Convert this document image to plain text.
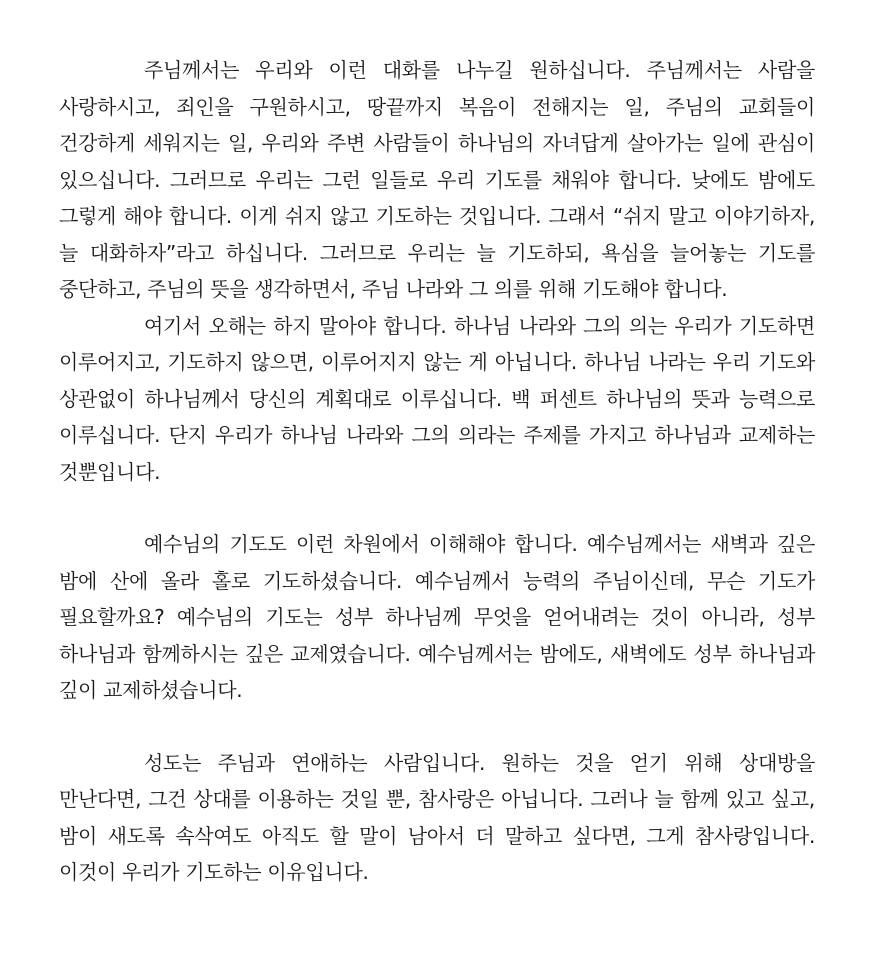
주님께서는 우리와 이런 대화를 나누길 원하십니다. 주님께서는 사람을 사랑하시고, 죄인을 구원하시고, 땅끝까지 복음이 전해지는 일, 주님의 교회들이 건강하게 세워지는 일, 우리와 주변 사람들이 하나님의 자녀답게 살아가는 일에 관심이 있으십니다. 그러므로 우리는 그런 일들로 우리 기도를 채워야 합니다. 낮에도 밤에도 그렇게 해야 합니다. 이게 쉬지 않고 기도하는 것입니다. 그래서 “쉬지 말고 이야기하자, 늘 대화하자”라고 하십니다. 그러므로 우리는 늘 기도하되, 욕심을 늘어놓는 기도를 중단하고, 주님의 뜻을 생각하면서, 주님 나라와 그 의를 위해 기도해야 합니다.

여기서 오해는 하지 말아야 합니다. 하나님 나라와 그의 의는 우리가 기도하면 이루어지고, 기도하지 않으면, 이루어지지 않는 게 아닙니다. 하나님 나라는 우리 기도와 상관없이 하나님께서 당신의 계획대로 이루십니다. 백 퍼센트 하나님의 뜻과 능력으로 이루십니다. 단지 우리가 하나님 나라와 그의 의라는 주제를 가지고 하나님과 교제하는 것뿐입니다.

예수님의 기도도 이런 차원에서 이해해야 합니다. 예수님께서는 새벽과 깊은 밤에 산에 올라 홀로 기도하셨습니다. 예수님께서 능력의 주님이신데, 무슨 기도가 필요할까요? 예수님의 기도는 성부 하나님께 무엇을 얻어내려는 것이 아니라, 성부 하나님과 함께하시는 깊은 교제였습니다. 예수님께서는 밤에도, 새벽에도 성부 하나님과 깊이 교제하셨습니다.

성도는 주님과 연애하는 사람입니다. 원하는 것을 얻기 위해 상대방을 만난다면, 그건 상대를 이용하는 것일 뿐, 참사랑은 아닙니다. 그러나 늘 함께 있고 싶고, 밤이 새도록 속삭여도 아직도 할 말이 남아서 더 말하고 싶다면, 그게 참사랑입니다. 이것이 우리가 기도하는 이유입니다.
